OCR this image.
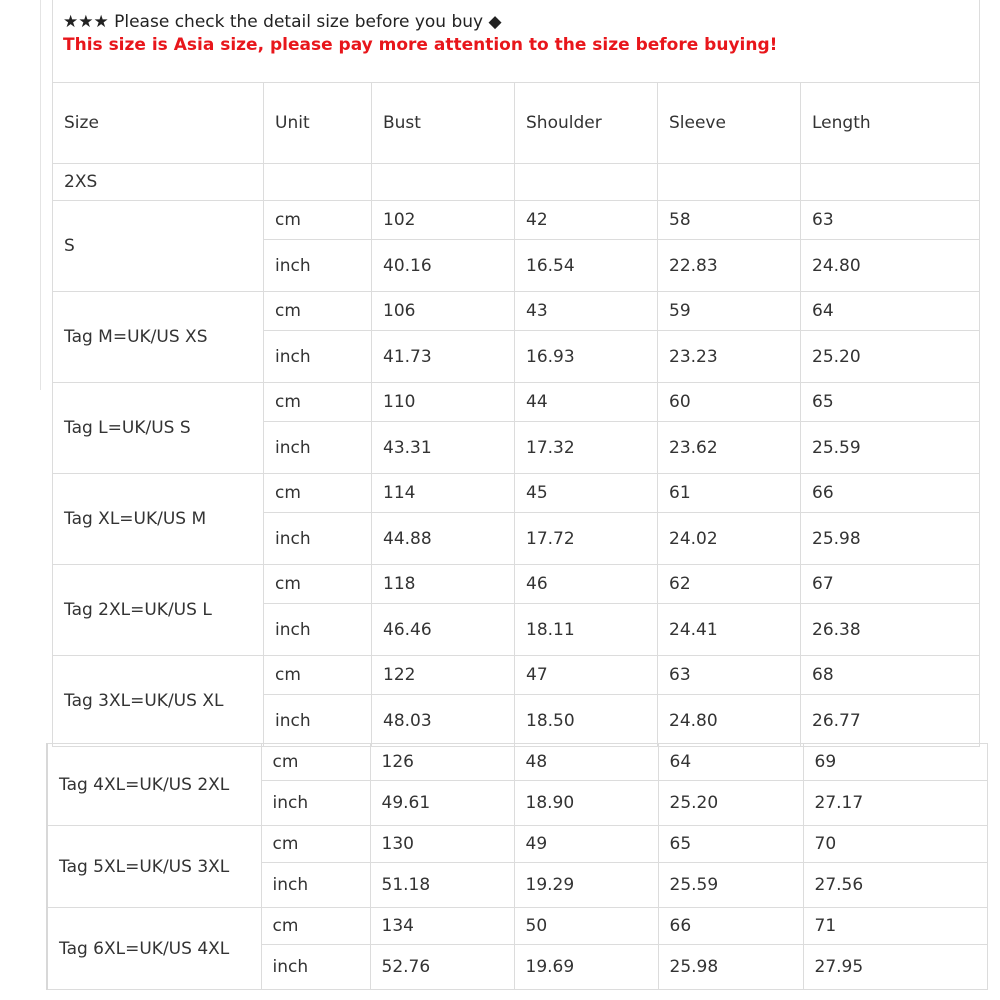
★★★ Please check the detail size before you buy ◆
This size is Asia size, please pay more attention to the size before buying!
Size	Unit	Bust	Shoulder	Sleeve	Length
2XS					
S	cm	102	42	58	63
	inch	40.16	16.54	22.83	24.80
Tag M=UK/US XS	cm	106	43	59	64
	inch	41.73	16.93	23.23	25.20
Tag L=UK/US S	cm	110	44	60	65
	inch	43.31	17.32	23.62	25.59
Tag XL=UK/US M	cm	114	45	61	66
	inch	44.88	17.72	24.02	25.98
Tag 2XL=UK/US L	cm	118	46	62	67
	inch	46.46	18.11	24.41	26.38
Tag 3XL=UK/US XL	cm	122	47	63	68
	inch	48.03	18.50	24.80	26.77
Tag 4XL=UK/US 2XL	cm	126	48	64	69
	inch	49.61	18.90	25.20	27.17
Tag 5XL=UK/US 3XL	cm	130	49	65	70
	inch	51.18	19.29	25.59	27.56
Tag 6XL=UK/US 4XL	cm	134	50	66	71
	inch	52.76	19.69	25.98	27.95
